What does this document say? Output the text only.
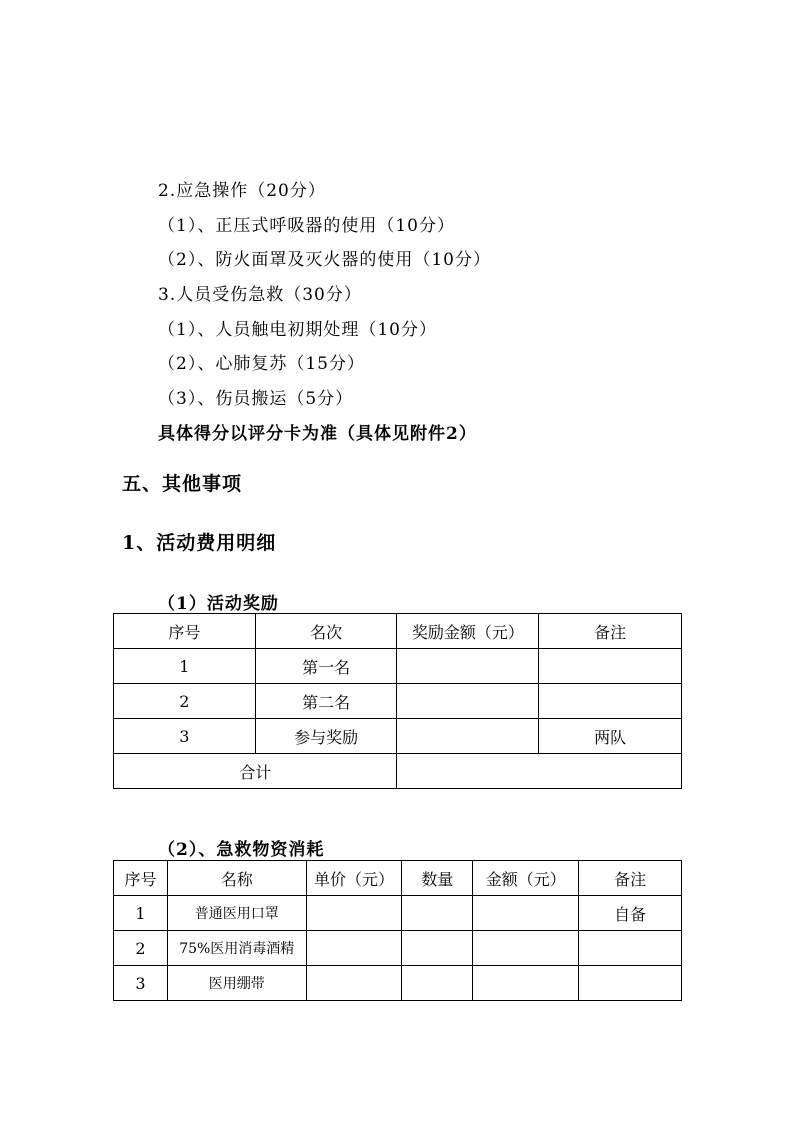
2.应急操作（20分）
（1）、正压式呼吸器的使用（10分）
（2）、防火面罩及灭火器的使用（10分）
3.人员受伤急救（30分）
（1）、人员触电初期处理（10分）
（2）、心肺复苏（15分）
（3）、伤员搬运（5分）
具体得分以评分卡为准（具体见附件2）
五、其他事项
1、活动费用明细
（1）活动奖励
序号	名次	奖励金额（元）	备注
1	第一名		
2	第二名		
3	参与奖励		两队
合计			
（2）、急救物资消耗
序号	名称	单价（元）	数量	金额（元）	备注
1	普通医用口罩				自备
2	75%医用消毒酒精				
3	医用绷带				
